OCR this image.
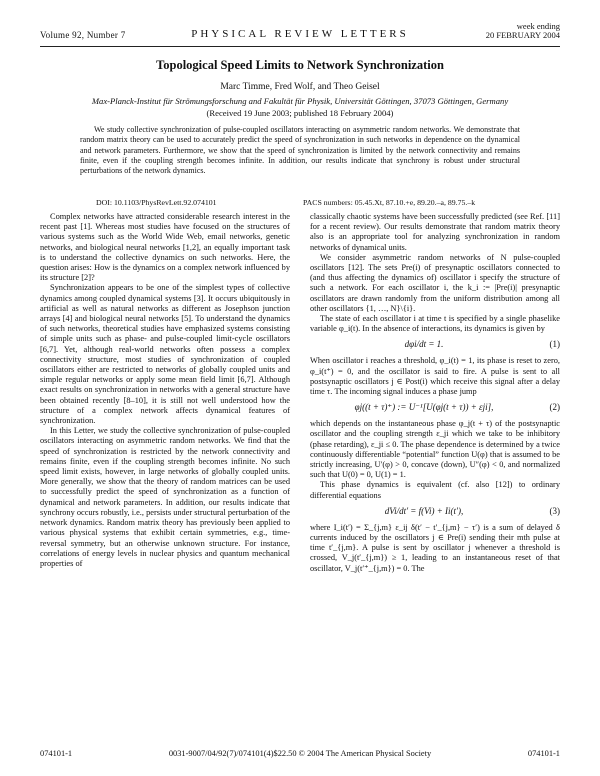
Volume 92, Number 7	PHYSICAL REVIEW LETTERS
week ending
20 FEBRUARY 2004
Topological Speed Limits to Network Synchronization
Marc Timme, Fred Wolf, and Theo Geisel
Max-Planck-Institut für Strömungsforschung and Fakultät für Physik, Universität Göttingen, 37073 Göttingen, Germany
(Received 19 June 2003; published 18 February 2004)
We study collective synchronization of pulse-coupled oscillators interacting on asymmetric random networks. We demonstrate that random matrix theory can be used to accurately predict the speed of synchronization in such networks in dependence on the dynamical and network parameters. Furthermore, we show that the speed of synchronization is limited by the network connectivity and remains finite, even if the coupling strength becomes infinite. In addition, our results indicate that synchrony is robust under structural perturbations of the network dynamics.
DOI: 10.1103/PhysRevLett.92.074101	PACS numbers: 05.45.Xt, 87.10.+e, 89.20.–a, 89.75.–k

Complex networks have attracted considerable research interest in the recent past [1]. Whereas most studies have focused on the structures of various systems such as the World Wide Web, email networks, genetic networks, and biological neural networks [1,2], an equally important task is to understand the collective dynamics on such networks. Here, the question arises: How is the dynamics on a complex network influenced by its structure [2]?

Synchronization appears to be one of the simplest types of collective dynamics among coupled dynamical systems [3]. It occurs ubiquitously in artificial as well as natural networks as different as Josephson junction arrays [4] and biological neural networks [5]. To understand the dynamics of such networks, theoretical studies have emphasized systems consisting of simple units such as phase- and pulse-coupled limit-cycle oscillators [6,7]. Yet, although real-world networks often possess a complex connectivity structure, most studies of synchronization of coupled oscillators either are restricted to networks of globally coupled units and simple regular networks or apply some mean field limit [6,7]. Although exact results on synchronization in networks with a general structure have been obtained recently [8–10], it is still not well understood how the structure of a complex network affects dynamical features of synchronization.

In this Letter, we study the collective synchronization of pulse-coupled oscillators interacting on asymmetric random networks. We find that the speed of synchronization is restricted by the network connectivity and remains finite, even if the coupling strength becomes infinite. No such speed limit exists, however, in large networks of globally coupled units. More generally, we show that the theory of random matrices can be used to successfully predict the speed of synchronization as a function of dynamical and network parameters. In addition, our results indicate that synchrony occurs robustly, i.e., persists under structural perturbation of the network dynamics. Random matrix theory has previously been applied to various physical systems that exhibit certain symmetries, e.g., time-reversal symmetry, but an otherwise unknown structure. For instance, correlations of energy levels in nuclear physics and quantum mechanical properties of

classically chaotic systems have been successfully predicted (see Ref. [11] for a recent review). Our results demonstrate that random matrix theory also is an appropriate tool for analyzing synchronization in random networks of dynamical units.

We consider asymmetric random networks of N pulse-coupled oscillators [12]. The sets Pre(i) of presynaptic oscillators connected to (and thus affecting the dynamics of) oscillator i specify the structure of such a network. For each oscillator i, the k_i := |Pre(i)| presynaptic oscillators are drawn randomly from the uniform distribution among all other oscillators {1, …, N}\{i}.

The state of each oscillator i at time t is specified by a single phaselike variable φ_i(t). In the absence of interactions, its dynamics is given by

dφi/dt = 1.	(1)

When oscillator i reaches a threshold, φ_i(t) = 1, its phase is reset to zero, φ_i(t⁺) = 0, and the oscillator is said to fire. A pulse is sent to all postsynaptic oscillators j ∈ Post(i) which receive this signal after a delay time τ. The incoming signal induces a phase jump

φj((t + τ)⁺) := U⁻¹[U(φj(t + τ)) + εji],	(2)

which depends on the instantaneous phase φ_j(t + τ) of the postsynaptic oscillator and the coupling strength ε_ji which we take to be inhibitory (phase retarding), ε_ji ≤ 0. The phase dependence is determined by a twice continuously differentiable “potential” function U(φ) that is assumed to be strictly increasing, U′(φ) > 0, concave (down), U″(φ) < 0, and normalized such that U(0) = 0, U(1) = 1.

This phase dynamics is equivalent (cf. also [12]) to ordinary differential equations

dVi/dt′ = f(Vi) + Ii(t′),	(3)

where I_i(t′) = Σ_{j,m} ε_ij δ(t′ − t′_{j,m} − τ′) is a sum of delayed δ currents induced by the oscillators j ∈ Pre(i) sending their mth pulse at time t′_{j,m}. A pulse is sent by oscillator j whenever a threshold is crossed, V_j(t′_{j,m}) ≥ 1, leading to an instantaneous reset of that oscillator, V_j(t′⁺_{j,m}) = 0. The

074101-1	0031-9007/04/92(7)/074101(4)$22.50 © 2004 The American Physical Society	074101-1
